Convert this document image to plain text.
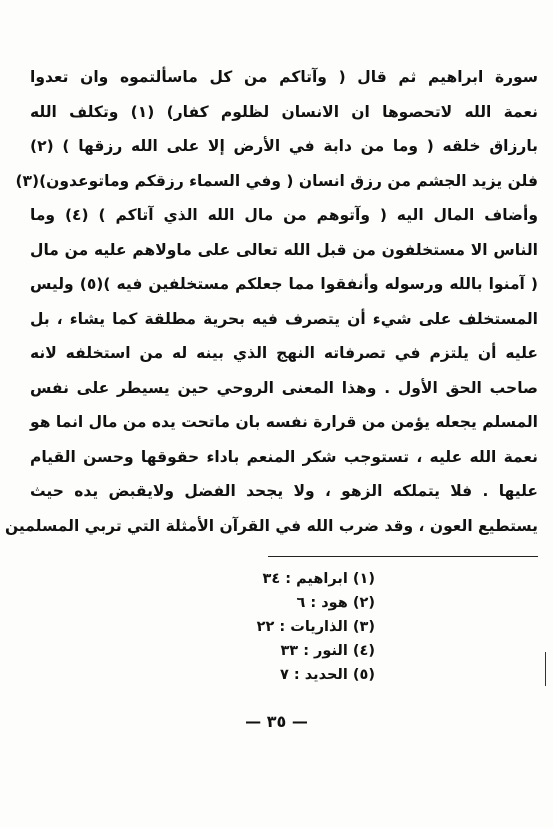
سورة ابراهيم ثم قال ( وآتاكم من كل ماسألتموه وان تعدوا
نعمة الله لاتحصوها ان الانسان لظلوم كفار) (١) وتكلف الله
بارزاق خلقه ( وما من دابة في الأرض إلا على الله رزقها ) (٢)
فلن يزيد الجشم من رزق انسان ( وفي السماء رزقكم وماتوعدون)(٣)
وأضاف المال اليه ( وآتوهم من مال الله الذي آتاكم ) (٤) وما
الناس الا مستخلفون من قبل الله تعالى على ماولاهم عليه من مال
( آمنوا بالله ورسوله وأنفقوا مما جعلكم مستخلفين فيه )(٥) وليس
المستخلف على شيء أن يتصرف فيه بحرية مطلقة كما يشاء ، بل
عليه أن يلتزم في تصرفاته النهج الذي بينه له من استخلفه لانه
صاحب الحق الأول . وهذا المعنى الروحي حين يسيطر على نفس
المسلم يجعله يؤمن من قرارة نفسه بان ماتحت يده من مال انما هو
نعمة الله عليه ، تستوجب شكر المنعم باداء حقوقها وحسن القيام
عليها . فلا يتملكه الزهو ، ولا يجحد الفضل ولايقبض يده حيث
يستطيع العون ، وقد ضرب الله في القرآن الأمثلة التي تربي المسلمين
(١) ابراهيم : ٣٤
(٢) هود : ٦
(٣) الذاريات : ٢٢
(٤) النور : ٣٣
(٥) الحديد : ٧
— ٣٥ —
